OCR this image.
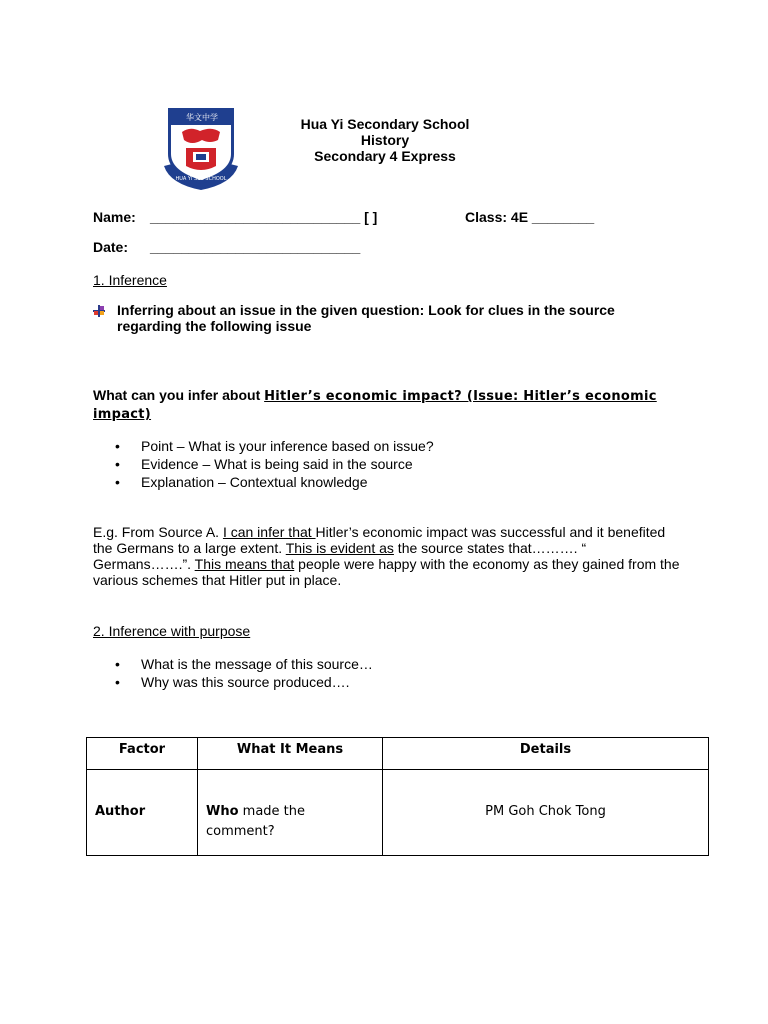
华文中学
HUA YI SEC SCHOOL
Hua Yi Secondary School
History
Secondary 4 Express
Name: ___________________________ [ ]	Class: 4E ________
Date: ___________________________
1. Inference
Inferring about an issue in the given question: Look for clues in the source regarding the following issue
What can you infer about Hitler’s economic impact? (Issue: Hitler’s economic impact)
• Point – What is your inference based on issue?
• Evidence – What is being said in the source
• Explanation – Contextual knowledge
E.g. From Source A. I can infer that Hitler’s economic impact was successful and it benefited the Germans to a large extent. This is evident as the source states that………. “ Germans…….”. This means that people were happy with the economy as they gained from the various schemes that Hitler put in place.
2. Inference with purpose
• What is the message of this source…
• Why was this source produced….
Factor	What It Means	Details
Author	Who made the comment?	PM Goh Chok Tong
